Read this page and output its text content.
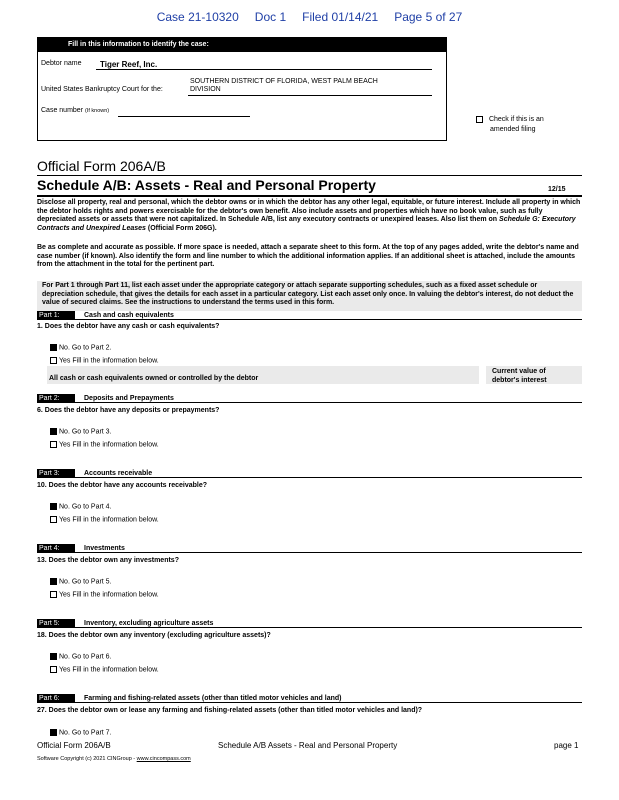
Case 21-10320 Doc 1 Filed 01/14/21 Page 5 of 27
Fill in this information to identify the case:
Debtor name Tiger Reef, Inc.
United States Bankruptcy Court for the:
SOUTHERN DISTRICT OF FLORIDA, WEST PALM BEACH
DIVISION
Case number (If known)
Check if this is an
amended filing
Official Form 206A/B
Schedule A/B: Assets - Real and Personal Property	12/15
Disclose all property, real and personal, which the debtor owns or in which the debtor has any other legal, equitable, or future interest. Include all property in which the debtor holds rights and powers exercisable for the debtor's own benefit. Also include assets and properties which have no book value, such as fully depreciated assets or assets that were not capitalized. In Schedule A/B, list any executory contracts or unexpired leases. Also list them on Schedule G: Executory Contracts and Unexpired Leases (Official Form 206G).
Be as complete and accurate as possible. If more space is needed, attach a separate sheet to this form. At the top of any pages added, write the debtor's name and case number (if known). Also identify the form and line number to which the additional information applies. If an additional sheet is attached, include the amounts from the attachment in the total for the pertinent part.
For Part 1 through Part 11, list each asset under the appropriate category or attach separate supporting schedules, such as a fixed asset schedule or depreciation schedule, that gives the details for each asset in a particular category. List each asset only once. In valuing the debtor's interest, do not deduct the value of secured claims. See the instructions to understand the terms used in this form.
Part 1:	Cash and cash equivalents
1. Does the debtor have any cash or cash equivalents?
No. Go to Part 2.
Yes Fill in the information below.
All cash or cash equivalents owned or controlled by the debtor
Current value of
debtor's interest
Part 2:	Deposits and Prepayments
6. Does the debtor have any deposits or prepayments?
No. Go to Part 3.
Yes Fill in the information below.
Part 3:	Accounts receivable
10. Does the debtor have any accounts receivable?
No. Go to Part 4.
Yes Fill in the information below.
Part 4:	Investments
13. Does the debtor own any investments?
No. Go to Part 5.
Yes Fill in the information below.
Part 5:	Inventory, excluding agriculture assets
18. Does the debtor own any inventory (excluding agriculture assets)?
No. Go to Part 6.
Yes Fill in the information below.
Part 6:	Farming and fishing-related assets (other than titled motor vehicles and land)
27. Does the debtor own or lease any farming and fishing-related assets (other than titled motor vehicles and land)?
No. Go to Part 7.
Official Form 206A/B	Schedule A/B Assets - Real and Personal Property	page 1
Software Copyright (c) 2021 CINGroup - www.cincompass.com
